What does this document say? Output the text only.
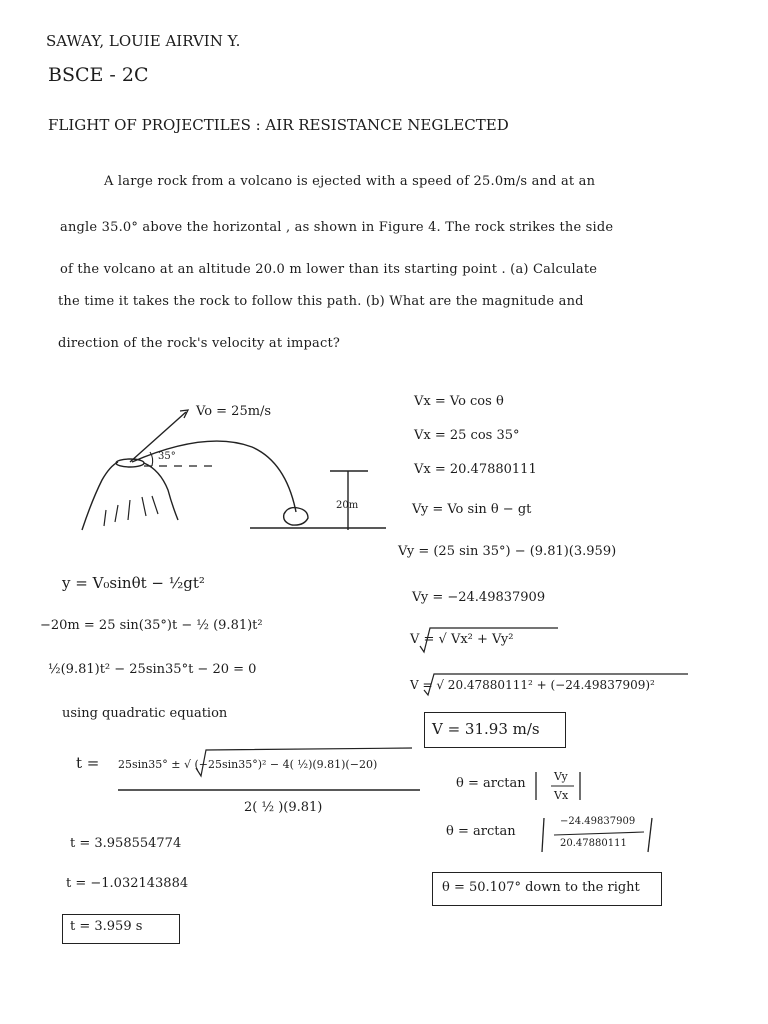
SAWAY, LOUIE AIRVIN Y.
BSCE - 2C
FLIGHT OF PROJECTILES : AIR RESISTANCE NEGLECTED
A large rock from a volcano is ejected with a speed of 25.0m/s and at an
angle 35.0° above the horizontal , as shown in Figure 4. The rock strikes the side
of the volcano at an altitude 20.0 m lower than its starting point . (a) Calculate
the time it takes the rock to follow this path. (b) What are the magnitude and
direction of the rock's velocity at impact?
Vo = 25m/s
35°
20m
y = V₀sinθt − ½gt²
−20m = 25 sin(35°)t − ½ (9.81)t²
½(9.81)t² − 25sin35°t − 20 = 0
using quadratic equation
t = 25sin35° ± √ (−25sin35°)² − 4( ½)(9.81)(−20)
2( ½ )(9.81)
t = 3.958554774
t = −1.032143884
t = 3.959 s
Vx = Vo cos θ
Vx = 25 cos 35°
Vx = 20.47880111
Vy = Vo sin θ − gt
Vy = (25 sin 35°) − (9.81)(3.959)
Vy = −24.49837909
V = √ Vx² + Vy²
V = √ 20.47880111² + (−24.49837909)²
V = 31.93 m/s
θ = arctan	Vy
Vx
θ = arctan
−24.49837909
20.47880111
θ = 50.107° down to the right
